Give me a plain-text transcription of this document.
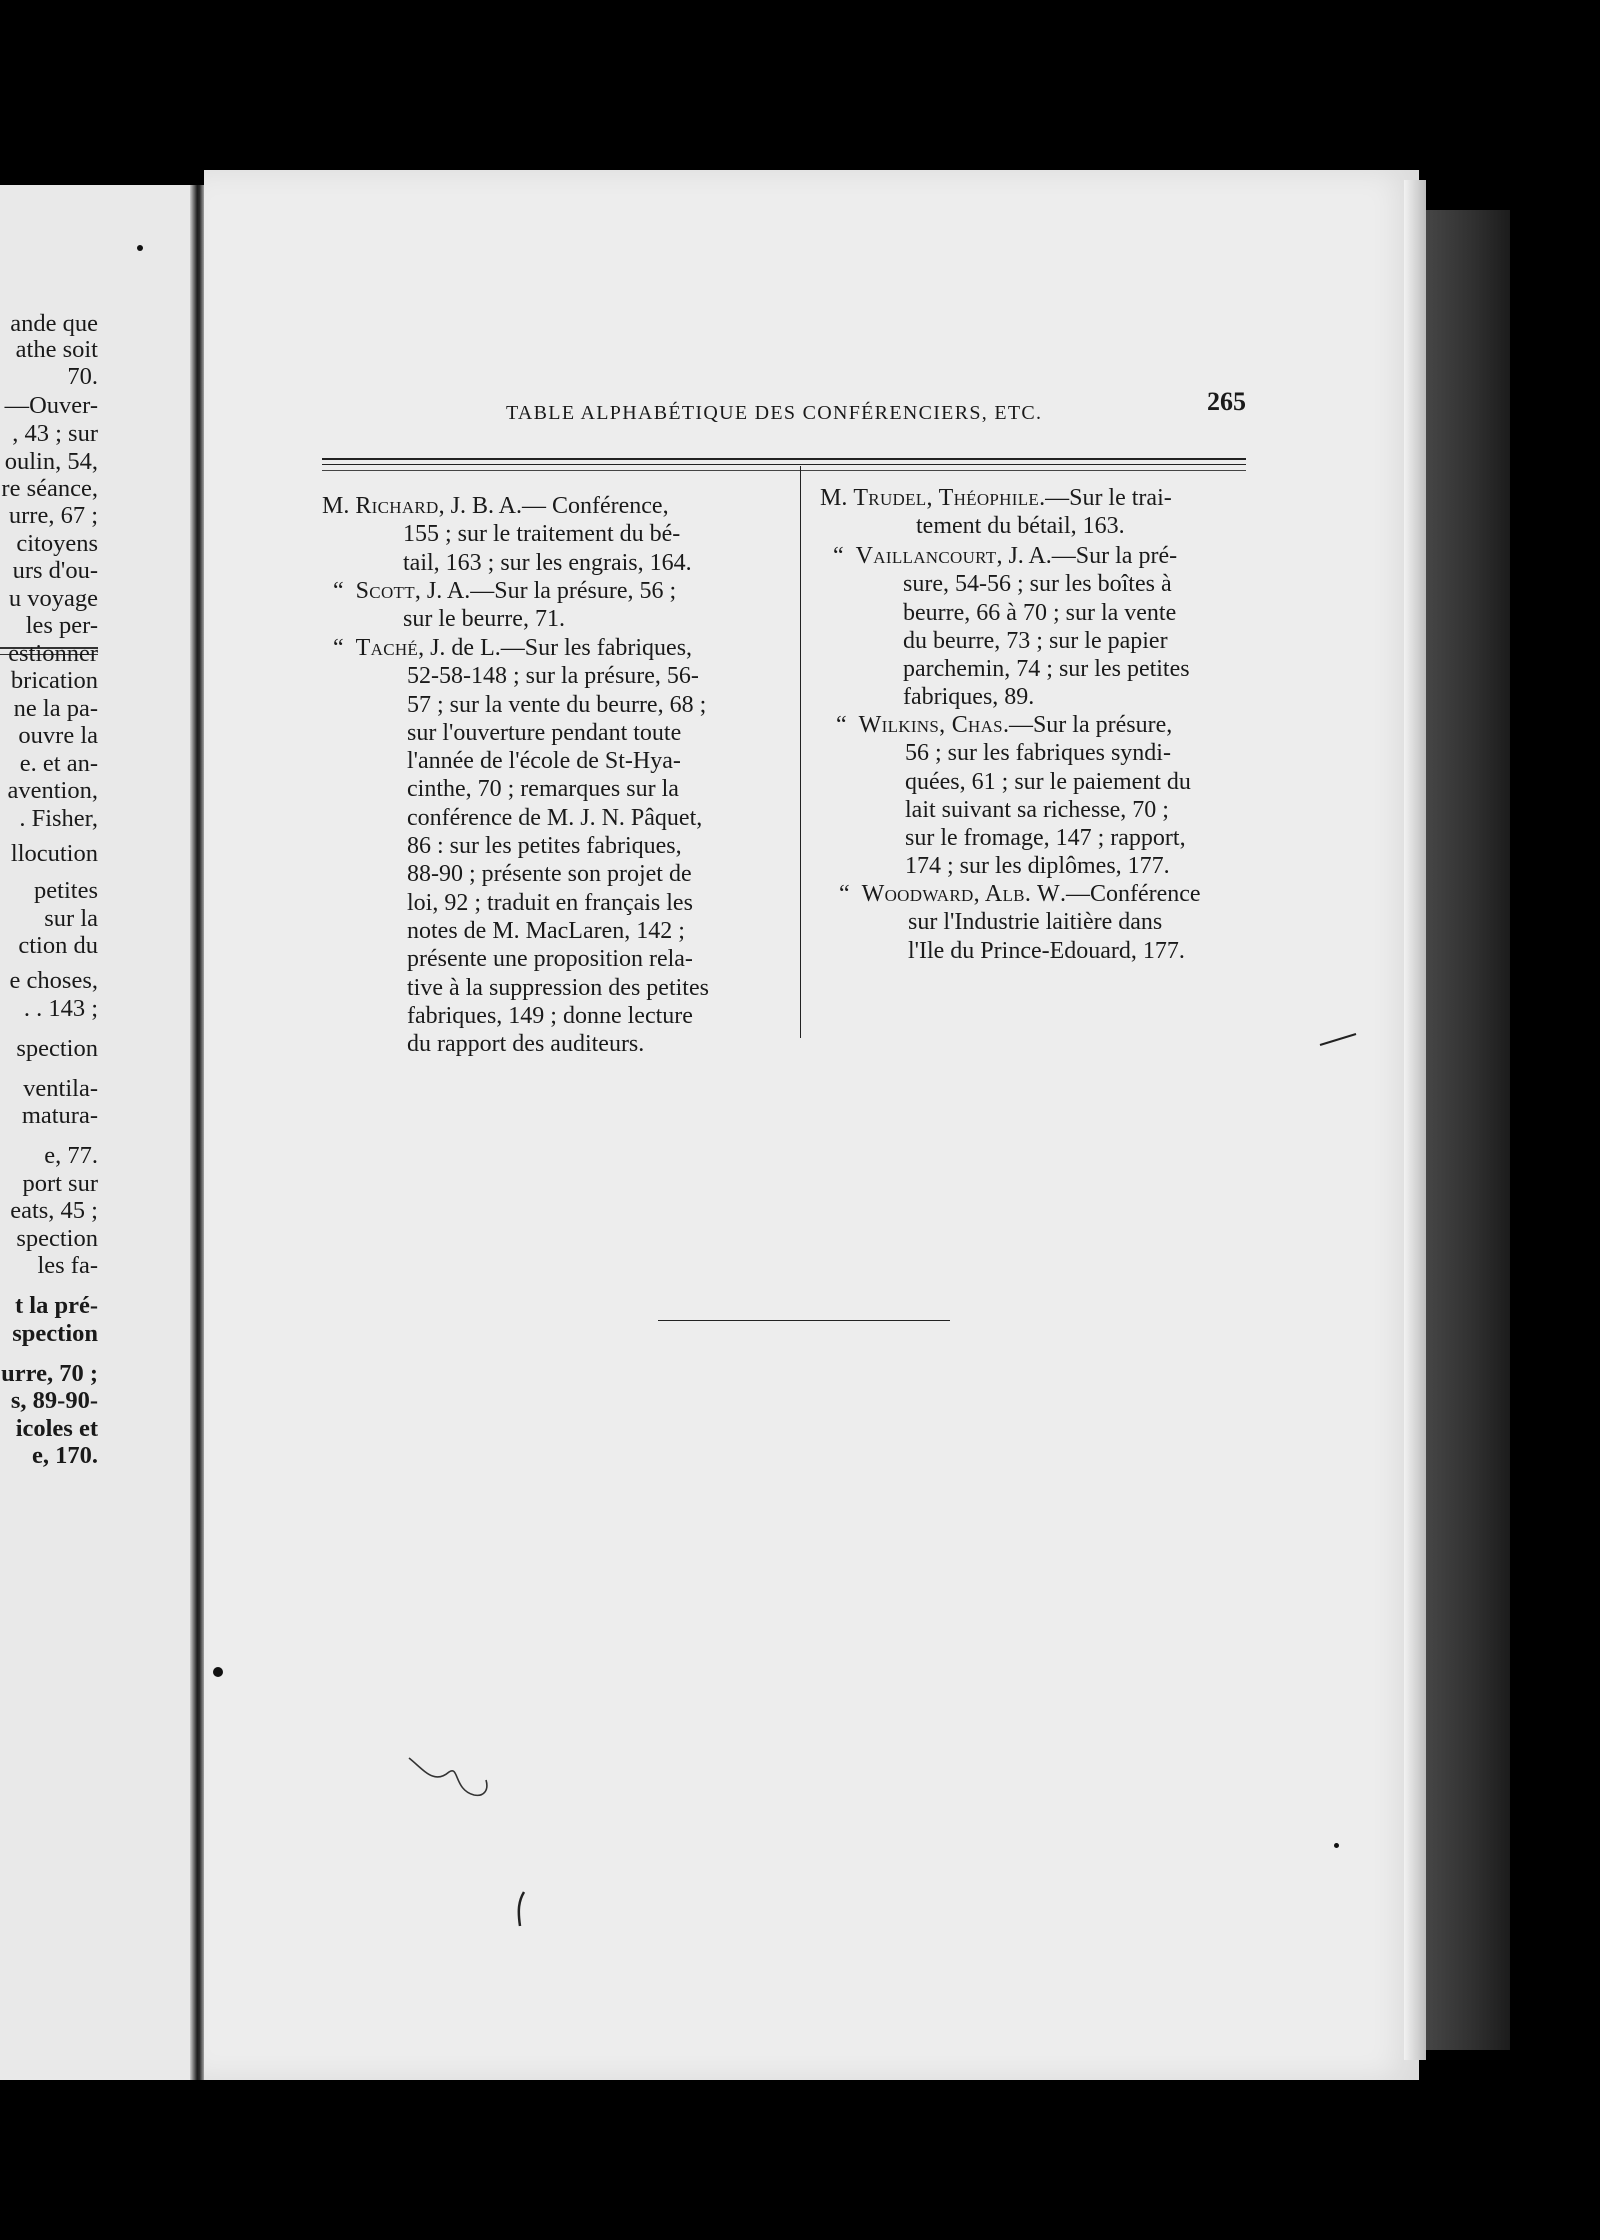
ande que
athe soit
70.
—Ouver-
, 43 ; sur
oulin, 54,
re séance,
urre, 67 ;
citoyens
urs d'ou-
u voyage
les per-
estionner
brication
ne la pa-
ouvre la
e. et an-
avention,
. Fisher,
llocution
petites
sur la
ction du
e choses,
. . 143 ;
spection
ventila-
matura-
e, 77.
port sur
eats, 45 ;
spection
les fa-
t la pré-
spection
urre, 70 ;
s, 89-90-
icoles et
e, 170.
TABLE ALPHABÉTIQUE DES CONFÉRENCIERS, ETC.	265
M. Richard, J. B. A.— Conférence,
155 ; sur le traitement du bé-
tail, 163 ; sur les engrais, 164.
“ Scott, J. A.—Sur la présure, 56 ;
sur le beurre, 71.
“ Taché, J. de L.—Sur les fabriques,
52-58-148 ; sur la présure, 56-
57 ; sur la vente du beurre, 68 ;
sur l'ouverture pendant toute
l'année de l'école de St-Hya-
cinthe, 70 ; remarques sur la
conférence de M. J. N. Pâquet,
86 : sur les petites fabriques,
88-90 ; présente son projet de
loi, 92 ; traduit en français les
notes de M. MacLaren, 142 ;
présente une proposition rela-
tive à la suppression des petites
fabriques, 149 ; donne lecture
du rapport des auditeurs.
M. Trudel, Théophile.—Sur le trai-
tement du bétail, 163.
“ Vaillancourt, J. A.—Sur la pré-
sure, 54-56 ; sur les boîtes à
beurre, 66 à 70 ; sur la vente
du beurre, 73 ; sur le papier
parchemin, 74 ; sur les petites
fabriques, 89.
“ Wilkins, Chas.—Sur la présure,
56 ; sur les fabriques syndi-
quées, 61 ; sur le paiement du
lait suivant sa richesse, 70 ;
sur le fromage, 147 ; rapport,
174 ; sur les diplômes, 177.
“ Woodward, Alb. W.—Conférence
sur l'Industrie laitière dans
l'Ile du Prince-Edouard, 177.
